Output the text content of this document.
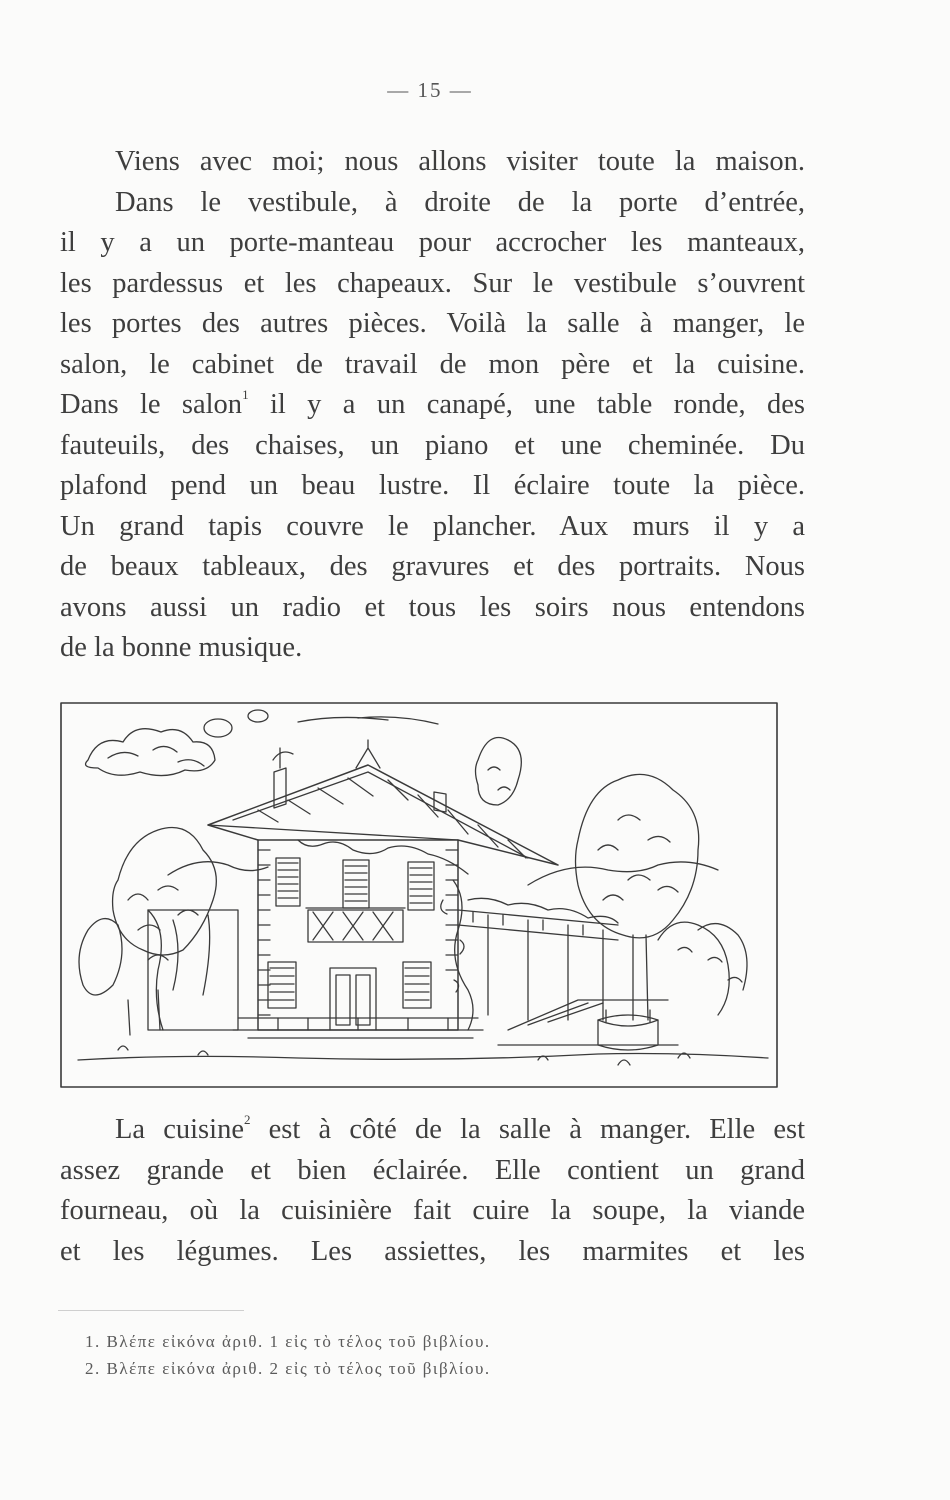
— 15 —
Viens avec moi; nous allons visiter toute la maison.
Dans le vestibule, à droite de la porte d’entrée,
il y a un porte-manteau pour accrocher les manteaux,
les pardessus et les chapeaux. Sur le vestibule s’ouvrent
les portes des autres pièces. Voilà la salle à manger, le
salon, le cabinet de travail de mon père et la cuisine.
Dans le salon$^1$ il y a un canapé, une table ronde, des
fauteuils, des chaises, un piano et une cheminée. Du
plafond pend un beau lustre. Il éclaire toute la pièce.
Un grand tapis couvre le plancher. Aux murs il y a
de beaux tableaux, des gravures et des portraits. Nous
avons aussi un radio et tous les soirs nous entendons
de la bonne musique.
La cuisine$^2$ est à côté de la salle à manger. Elle est
assez grande et bien éclairée. Elle contient un grand
fourneau, où la cuisinière fait cuire la soupe, la viande
et les légumes. Les assiettes, les marmites et les
1. Βλέπε εἰκόνα ἀριθ. 1 εἰς τὸ τέλος τοῦ βιβλίου.
2. Βλέπε εἰκόνα ἀριθ. 2 εἰς τὸ τέλος τοῦ βιβλίου.
